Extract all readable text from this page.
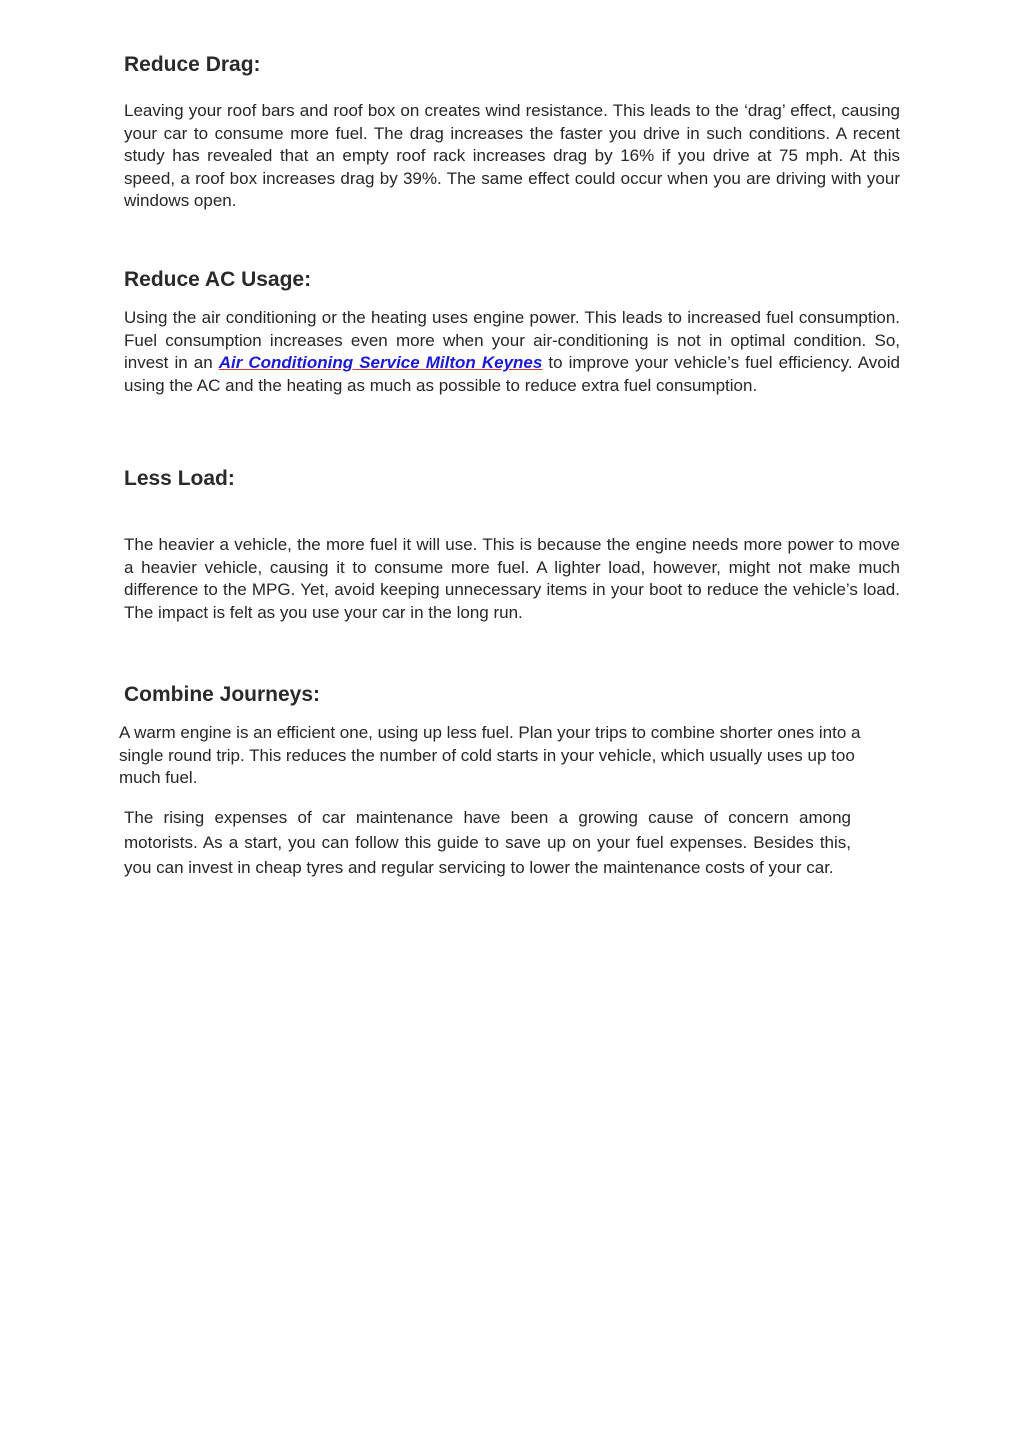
Reduce Drag:

Leaving your roof bars and roof box on creates wind resistance. This leads to the ‘drag’ effect, causing your car to consume more fuel. The drag increases the faster you drive in such conditions. A recent study has revealed that an empty roof rack increases drag by 16% if you drive at 75 mph. At this speed, a roof box increases drag by 39%. The same effect could occur when you are driving with your windows open.

Reduce AC Usage:

Using the air conditioning or the heating uses engine power. This leads to increased fuel consumption. Fuel consumption increases even more when your air-conditioning is not in optimal condition. So, invest in an Air Conditioning Service Milton Keynes to improve your vehicle’s fuel efficiency. Avoid using the AC and the heating as much as possible to reduce extra fuel consumption.

Less Load:

The heavier a vehicle, the more fuel it will use. This is because the engine needs more power to move a heavier vehicle, causing it to consume more fuel. A lighter load, however, might not make much difference to the MPG. Yet, avoid keeping unnecessary items in your boot to reduce the vehicle’s load. The impact is felt as you use your car in the long run.

Combine Journeys:

A warm engine is an efficient one, using up less fuel. Plan your trips to combine shorter ones into a single round trip. This reduces the number of cold starts in your vehicle, which usually uses up too much fuel.

The rising expenses of car maintenance have been a growing cause of concern among motorists. As a start, you can follow this guide to save up on your fuel expenses. Besides this, you can invest in cheap tyres and regular servicing to lower the maintenance costs of your car.
